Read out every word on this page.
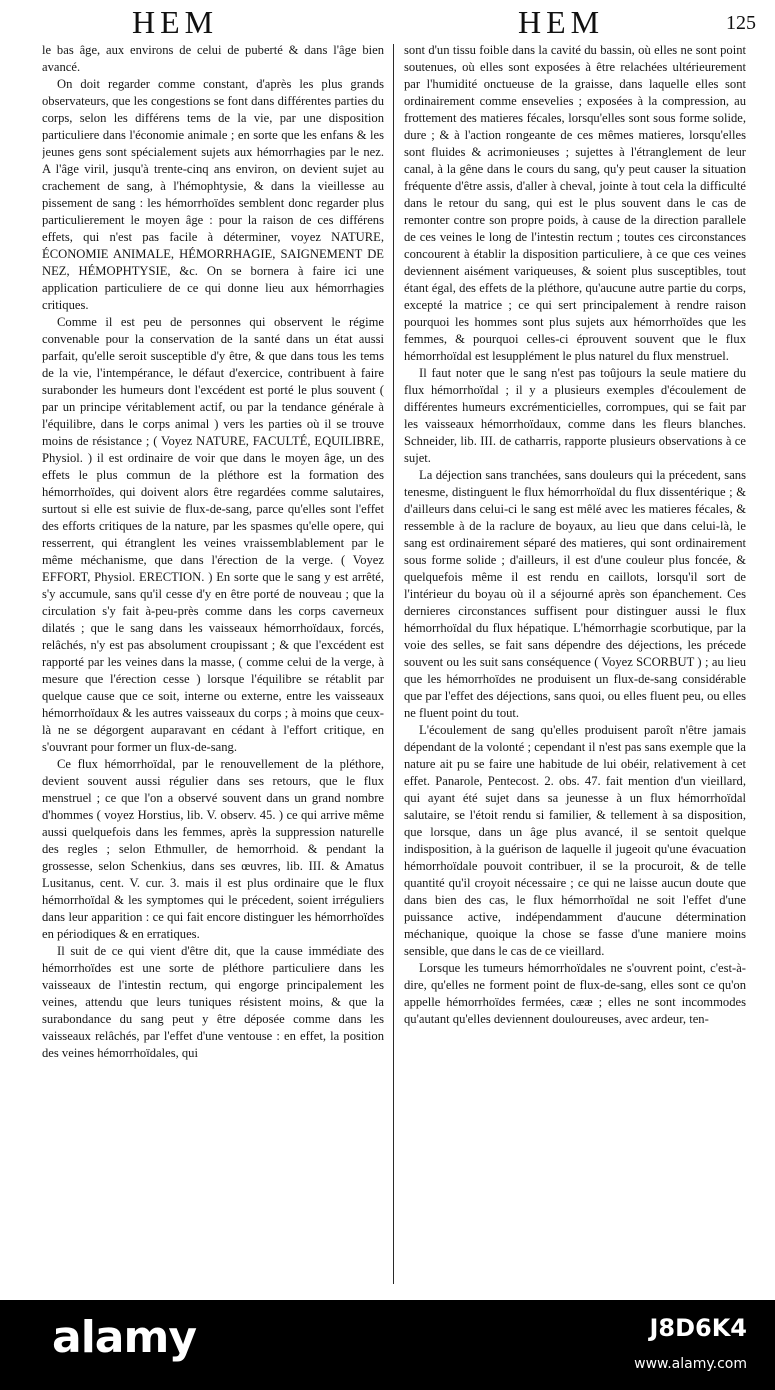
HEM	HEM	125

le bas âge, aux environs de celui de puberté & dans l'âge bien avancé.

On doit regarder comme constant, d'après les plus grands observateurs, que les congestions se font dans différentes parties du corps, selon les différens tems de la vie, par une disposition particuliere dans l'économie animale ; en sorte que les enfans & les jeunes gens sont spécialement sujets aux hémorrhagies par le nez. A l'âge viril, jusqu'à trente-cinq ans environ, on devient sujet au crachement de sang, à l'hémophtysie, & dans la vieillesse au pissement de sang : les hémorrhoïdes semblent donc regarder plus particulierement le moyen âge : pour la raison de ces différens effets, qui n'est pas facile à déterminer, voyez NATURE, ÉCONOMIE ANIMALE, HÉMORRHAGIE, SAIGNEMENT DE NEZ, HÉMOPHTYSIE, &c. On se bornera à faire ici une application particuliere de ce qui donne lieu aux hémorrhagies critiques.

Comme il est peu de personnes qui observent le régime convenable pour la conservation de la santé dans un état aussi parfait, qu'elle seroit susceptible d'y être, & que dans tous les tems de la vie, l'intempérance, le défaut d'exercice, contribuent à faire surabonder les humeurs dont l'excédent est porté le plus souvent ( par un principe véritablement actif, ou par la tendance générale à l'équilibre, dans le corps animal ) vers les parties où il se trouve moins de résistance ; ( Voyez NATURE, FACULTÉ, EQUILIBRE, Physiol. ) il est ordinaire de voir que dans le moyen âge, un des effets le plus commun de la pléthore est la formation des hémorrhoïdes, qui doivent alors être regardées comme salutaires, surtout si elle est suivie de flux-de-sang, parce qu'elles sont l'effet des efforts critiques de la nature, par les spasmes qu'elle opere, qui resserrent, qui étranglent les veines vraissemblablement par le même méchanisme, que dans l'érection de la verge. ( Voyez EFFORT, Physiol. ERECTION. ) En sorte que le sang y est arrêté, s'y accumule, sans qu'il cesse d'y en être porté de nouveau ; que la circulation s'y fait à-peu-près comme dans les corps caverneux dilatés ; que le sang dans les vaisseaux hémorrhoïdaux, forcés, relâchés, n'y est pas absolument croupissant ; & que l'excédent est rapporté par les veines dans la masse, ( comme celui de la verge, à mesure que l'érection cesse ) lorsque l'équilibre se rétablit par quelque cause que ce soit, interne ou externe, entre les vaisseaux hémorrhoïdaux & les autres vaisseaux du corps ; à moins que ceux-là ne se dégorgent auparavant en cédant à l'effort critique, en s'ouvrant pour former un flux-de-sang.

Ce flux hémorrhoïdal, par le renouvellement de la pléthore, devient souvent aussi régulier dans ses retours, que le flux menstruel ; ce que l'on a observé souvent dans un grand nombre d'hommes ( voyez Horstius, lib. V. observ. 45. ) ce qui arrive même aussi quelquefois dans les femmes, après la suppression naturelle des regles ; selon Ethmuller, de hemorrhoid. & pendant la grossesse, selon Schenkius, dans ses œuvres, lib. III. & Amatus Lusitanus, cent. V. cur. 3. mais il est plus ordinaire que le flux hémorrhoïdal & les symptomes qui le précedent, soient irréguliers dans leur apparition : ce qui fait encore distinguer les hémorrhoïdes en périodiques & en erratiques.

Il suit de ce qui vient d'être dit, que la cause immédiate des hémorrhoïdes est une sorte de pléthore particuliere dans les vaisseaux de l'intestin rectum, qui engorge principalement les veines, attendu que leurs tuniques résistent moins, & que la surabondance du sang peut y être déposée comme dans les vaisseaux relâchés, par l'effet d'une ventouse : en effet, la position des veines hémorrhoïdales, qui

sont d'un tissu foible dans la cavité du bassin, où elles ne sont point soutenues, où elles sont exposées à être relachées ultérieurement par l'humidité onctueuse de la graisse, dans laquelle elles sont ordinairement comme ensevelies ; exposées à la compression, au frottement des matieres fécales, lorsqu'elles sont sous forme solide, dure ; & à l'action rongeante de ces mêmes matieres, lorsqu'elles sont fluides & acrimonieuses ; sujettes à l'étranglement de leur canal, à la gêne dans le cours du sang, qu'y peut causer la situation fréquente d'être assis, d'aller à cheval, jointe à tout cela la difficulté dans le retour du sang, qui est le plus souvent dans le cas de remonter contre son propre poids, à cause de la direction parallele de ces veines le long de l'intestin rectum ; toutes ces circonstances concourent à établir la disposition particuliere, à ce que ces veines deviennent aisément variqueuses, & soient plus susceptibles, tout étant égal, des effets de la pléthore, qu'aucune autre partie du corps, excepté la matrice ; ce qui sert principalement à rendre raison pourquoi les hommes sont plus sujets aux hémorrhoïdes que les femmes, & pourquoi celles-ci éprouvent souvent que le flux hémorrhoïdal est lesupplément le plus naturel du flux menstruel.

Il faut noter que le sang n'est pas toûjours la seule matiere du flux hémorrhoïdal ; il y a plusieurs exemples d'écoulement de différentes humeurs excrémenticielles, corrompues, qui se fait par les vaisseaux hémorrhoïdaux, comme dans les fleurs blanches. Schneider, lib. III. de catharris, rapporte plusieurs observations à ce sujet.

La déjection sans tranchées, sans douleurs qui la précedent, sans tenesme, distinguent le flux hémorrhoïdal du flux dissentérique ; & d'ailleurs dans celui-ci le sang est mêlé avec les matieres fécales, & ressemble à de la raclure de boyaux, au lieu que dans celui-là, le sang est ordinairement séparé des matieres, qui sont ordinairement sous forme solide ; d'ailleurs, il est d'une couleur plus foncée, & quelquefois même il est rendu en caillots, lorsqu'il sort de l'intérieur du boyau où il a séjourné après son épanchement. Ces dernieres circonstances suffisent pour distinguer aussi le flux hémorrhoïdal du flux hépatique. L'hémorrhagie scorbutique, par la voie des selles, se fait sans dépendre des déjections, les précede souvent ou les suit sans conséquence ( Voyez SCORBUT ) ; au lieu que les hémorrhoïdes ne produisent un flux-de-sang considérable que par l'effet des déjections, sans quoi, ou elles fluent peu, ou elles ne fluent point du tout.

L'écoulement de sang qu'elles produisent paroît n'être jamais dépendant de la volonté ; cependant il n'est pas sans exemple que la nature ait pu se faire une habitude de lui obéir, relativement à cet effet. Panarole, Pentecost. 2. obs. 47. fait mention d'un vieillard, qui ayant été sujet dans sa jeunesse à un flux hémorrhoïdal salutaire, se l'étoit rendu si familier, & tellement à sa disposition, que lorsque, dans un âge plus avancé, il se sentoit quelque indisposition, à la guérison de laquelle il jugeoit qu'une évacuation hémorrhoïdale pouvoit contribuer, il se la procuroit, & de telle quantité qu'il croyoit nécessaire ; ce qui ne laisse aucun doute que dans bien des cas, le flux hémorrhoïdal ne soit l'effet d'une puissance active, indépendamment d'aucune détermination méchanique, quoique la chose se fasse d'une maniere moins sensible, que dans le cas de ce vieillard.

Lorsque les tumeurs hémorrhoïdales ne s'ouvrent point, c'est-à-dire, qu'elles ne forment point de flux-de-sang, elles sont ce qu'on appelle hémorrhoïdes fermées, cææ ; elles ne sont incommodes qu'autant qu'elles deviennent douloureuses, avec ardeur, ten-

alamy	J8D6K4
www.alamy.com
